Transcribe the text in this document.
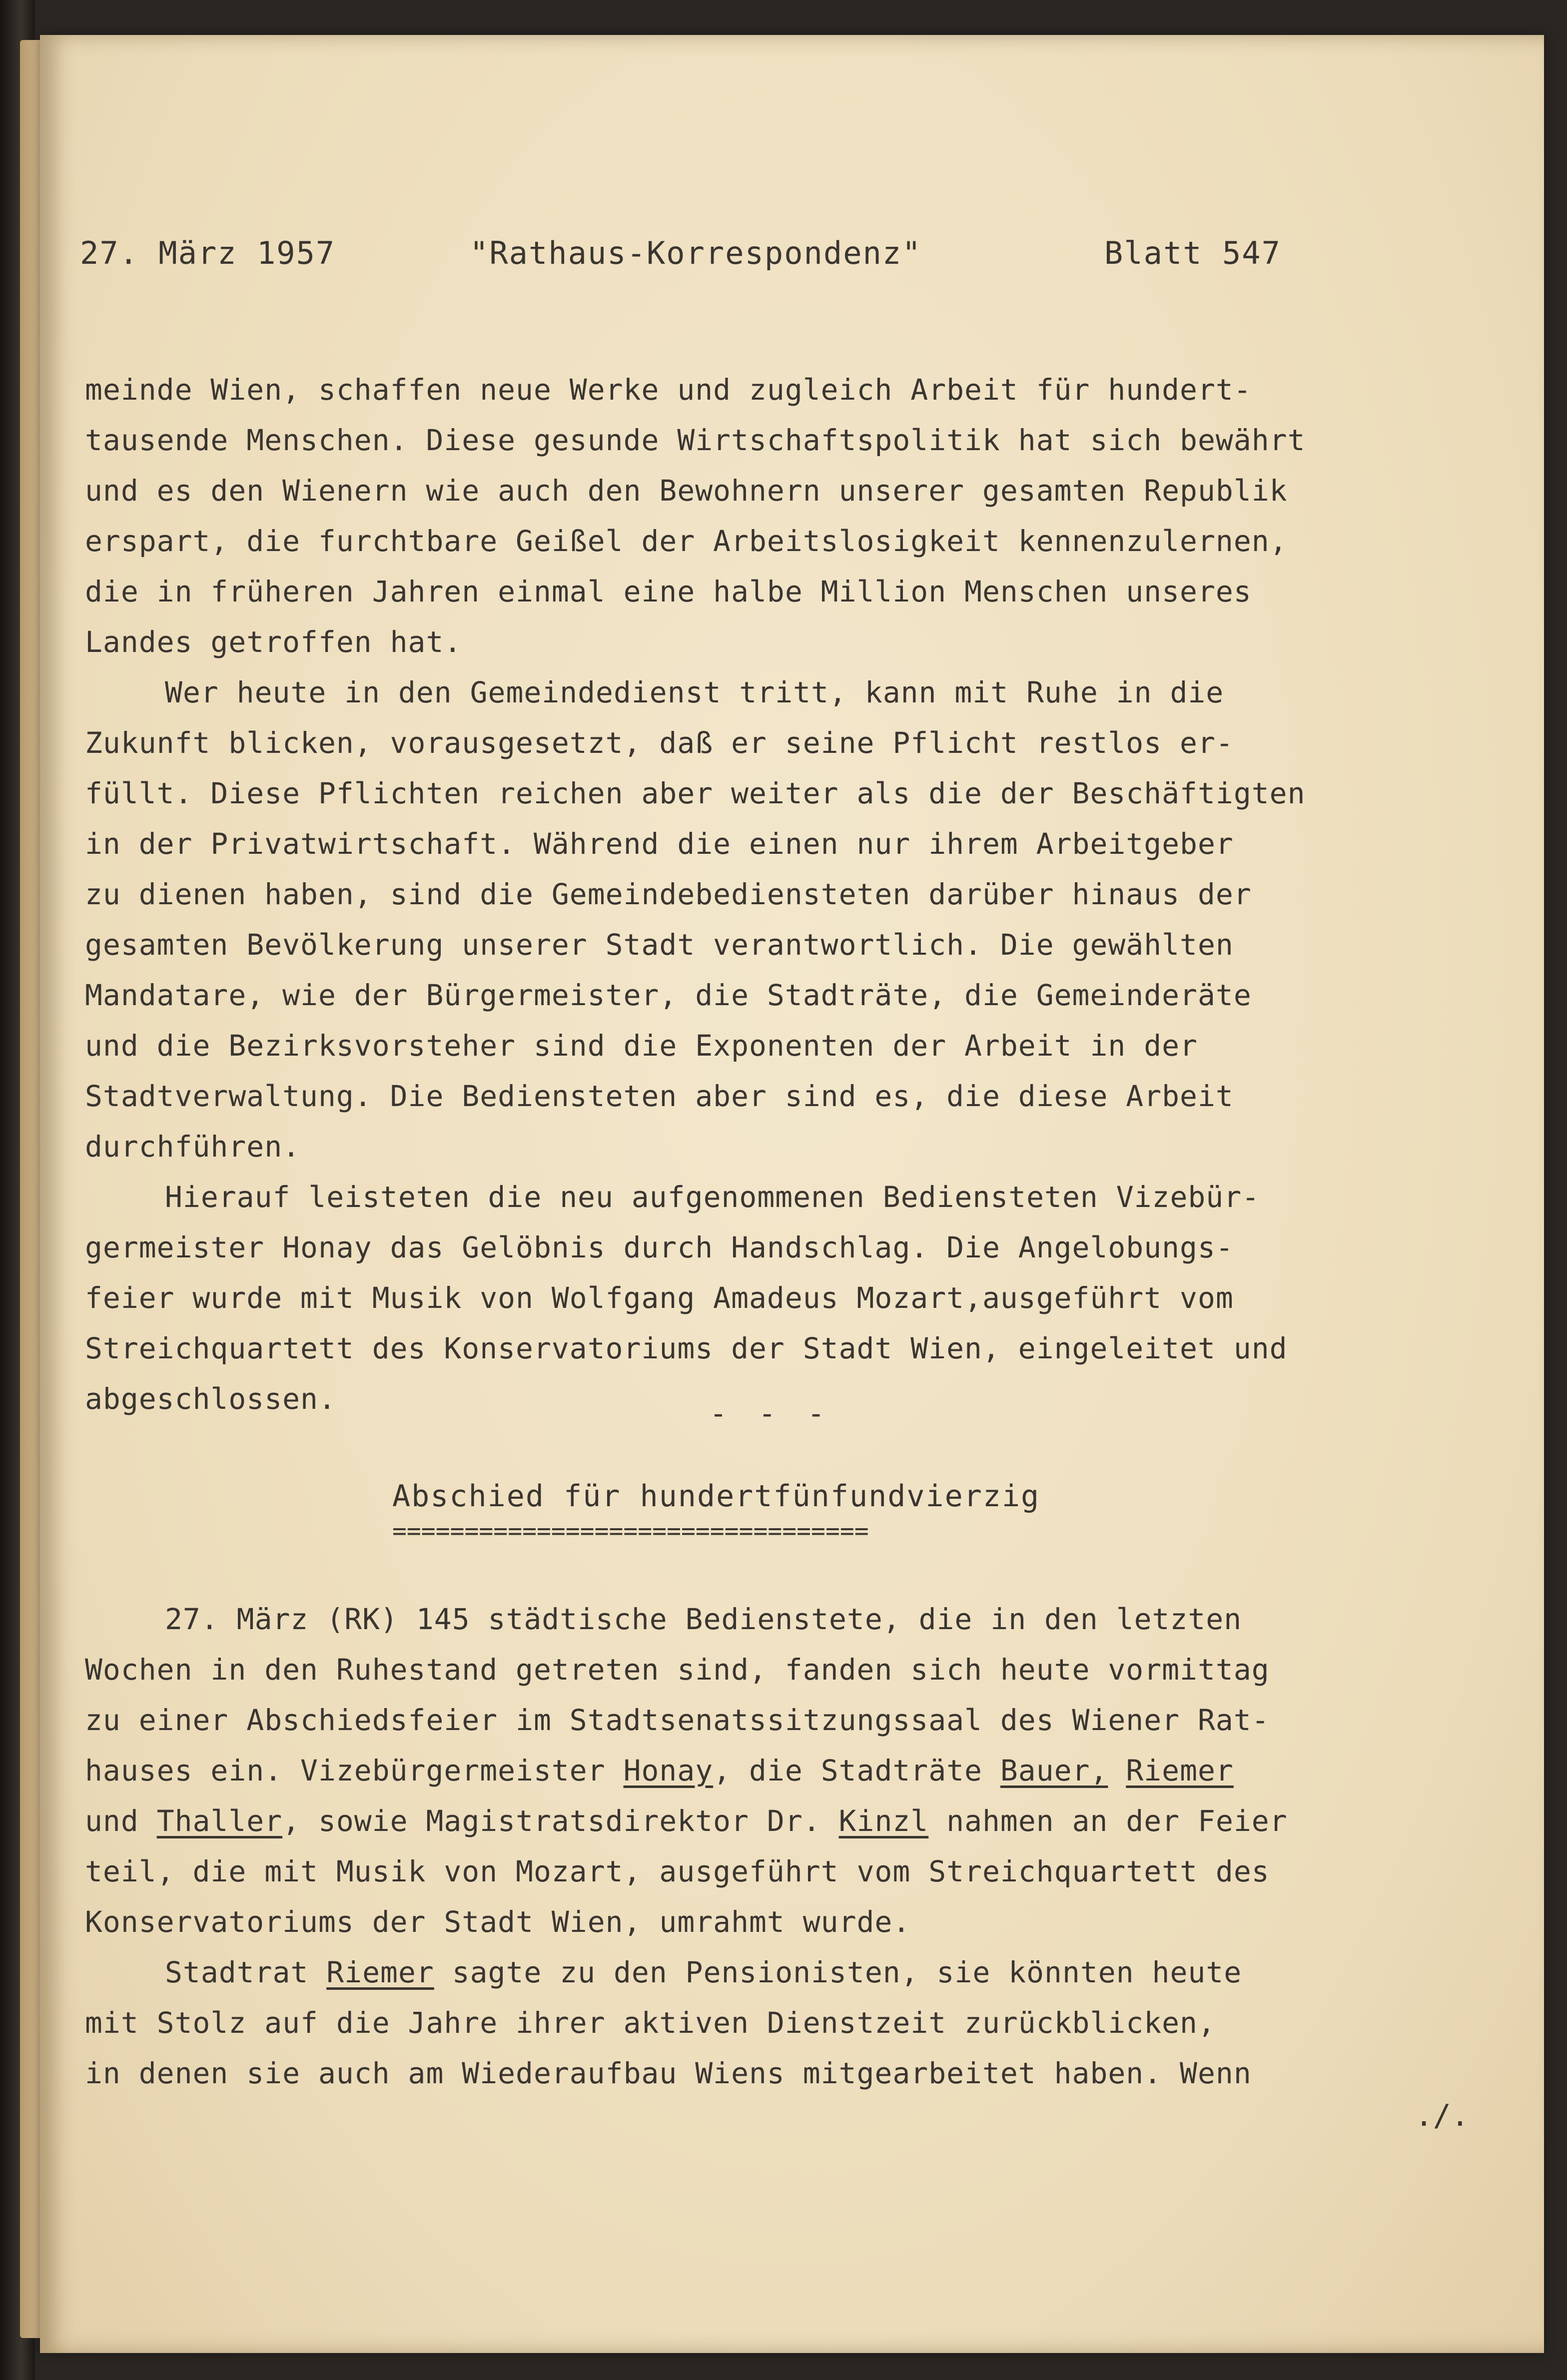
27. März 1957	"Rathaus-Korrespondenz"	Blatt 547
meinde Wien, schaffen neue Werke und zugleich Arbeit für hundert-
tausende Menschen. Diese gesunde Wirtschaftspolitik hat sich bewährt
und es den Wienern wie auch den Bewohnern unserer gesamten Republik
erspart, die furchtbare Geißel der Arbeitslosigkeit kennenzulernen,
die in früheren Jahren einmal eine halbe Million Menschen unseres
Landes getroffen hat.
Wer heute in den Gemeindedienst tritt, kann mit Ruhe in die
Zukunft blicken, vorausgesetzt, daß er seine Pflicht restlos er-
füllt. Diese Pflichten reichen aber weiter als die der Beschäftigten
in der Privatwirtschaft. Während die einen nur ihrem Arbeitgeber
zu dienen haben, sind die Gemeindebediensteten darüber hinaus der
gesamten Bevölkerung unserer Stadt verantwortlich. Die gewählten
Mandatare, wie der Bürgermeister, die Stadträte, die Gemeinderäte
und die Bezirksvorsteher sind die Exponenten der Arbeit in der
Stadtverwaltung. Die Bediensteten aber sind es, die diese Arbeit
durchführen.
Hierauf leisteten die neu aufgenommenen Bediensteten Vizebür-
germeister Honay das Gelöbnis durch Handschlag. Die Angelobungs-
feier wurde mit Musik von Wolfgang Amadeus Mozart,ausgeführt vom
Streichquartett des Konservatoriums der Stadt Wien, eingeleitet und
abgeschlossen.	- - -
Abschied für hundertfünfundvierzig
=================================
27. März (RK) 145 städtische Bedienstete, die in den letzten
Wochen in den Ruhestand getreten sind, fanden sich heute vormittag
zu einer Abschiedsfeier im Stadtsenatssitzungssaal des Wiener Rat-
hauses ein. Vizebürgermeister Honay, die Stadträte Bauer, Riemer
und Thaller, sowie Magistratsdirektor Dr. Kinzl nahmen an der Feier
teil, die mit Musik von Mozart, ausgeführt vom Streichquartett des
Konservatoriums der Stadt Wien, umrahmt wurde.
Stadtrat Riemer sagte zu den Pensionisten, sie könnten heute
mit Stolz auf die Jahre ihrer aktiven Dienstzeit zurückblicken,
in denen sie auch am Wiederaufbau Wiens mitgearbeitet haben. Wenn
./.
